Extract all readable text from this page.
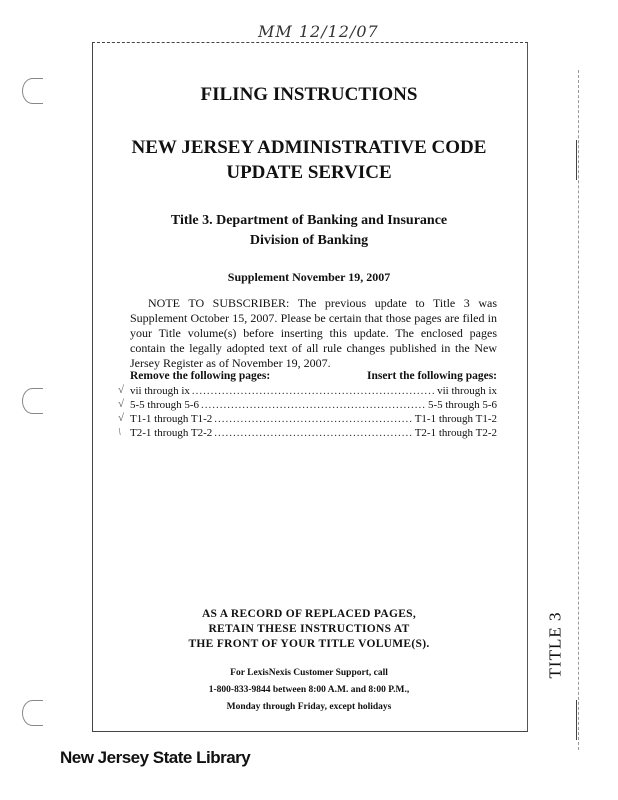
MM 12/12/07
FILING INSTRUCTIONS
NEW JERSEY ADMINISTRATIVE CODE
UPDATE SERVICE
Title 3. Department of Banking and Insurance
Division of Banking
Supplement November 19, 2007
NOTE TO SUBSCRIBER: The previous update to Title 3 was Supplement October 15, 2007. Please be certain that those pages are filed in your Title volume(s) before inserting this update. The enclosed pages contain the legally adopted text of all rule changes published in the New Jersey Register as of November 19, 2007.
Remove the following pages:	Insert the following pages:
vii through ix .....	vii through ix
5-5 through 5-6 .....	5-5 through 5-6
T1-1 through T1-2 .....	T1-1 through T1-2
T2-1 through T2-2 .....	T2-1 through T2-2
√
√
√
\
AS A RECORD OF REPLACED PAGES,
RETAIN THESE INSTRUCTIONS AT
THE FRONT OF YOUR TITLE VOLUME(S).
For LexisNexis Customer Support, call
1-800-833-9844 between 8:00 A.M. and 8:00 P.M.,
Monday through Friday, except holidays
TITLE 3
New Jersey State Library
